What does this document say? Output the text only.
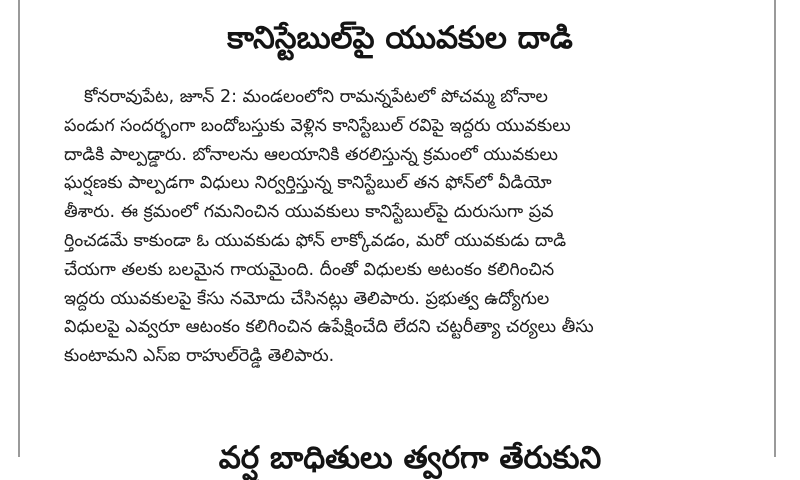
కానిస్టేబుల్‌పై యువకుల దాడి
కోనరావుపేట, జూన్‌ 2: మండలంలోని రామన్నపేటలో పోచమ్మ బోనాల
పండుగ సందర్భంగా బందోబస్తుకు వెళ్లిన కానిస్టేబుల్‌ రవిపై ఇద్దరు యువకులు
దాడికి పాల్పడ్డారు. బోనాలను ఆలయానికి తరలిస్తున్న క్రమంలో యువకులు
ఘర్షణకు పాల్పడగా విధులు నిర్వర్తిస్తున్న కానిస్టేబుల్‌ తన ఫోన్‌లో వీడియో
తీశారు. ఈ క్రమంలో గమనించిన యువకులు కానిస్టేబుల్‌పై దురుసుగా ప్రవ
ర్తించడమే కాకుండా ఓ యువకుడు ఫోన్‌ లాక్కోవడం, మరో యువకుడు దాడి
చేయగా తలకు బలమైన గాయమైంది. దీంతో విధులకు అటంకం కలిగించిన
ఇద్దరు యువకులపై కేసు నమోదు చేసినట్లు తెలిపారు. ప్రభుత్వ ఉద్యోగుల
విధులపై ఎవ్వరూ ఆటంకం కలిగించిన ఉపేక్షించేది లేదని చట్టరీత్యా చర్యలు తీసు
కుంటామని ఎస్‌ఐ రాహుల్‌రెడ్డి తెలిపారు.
వర్ష బాధితులు త్వరగా తేరుకుని
